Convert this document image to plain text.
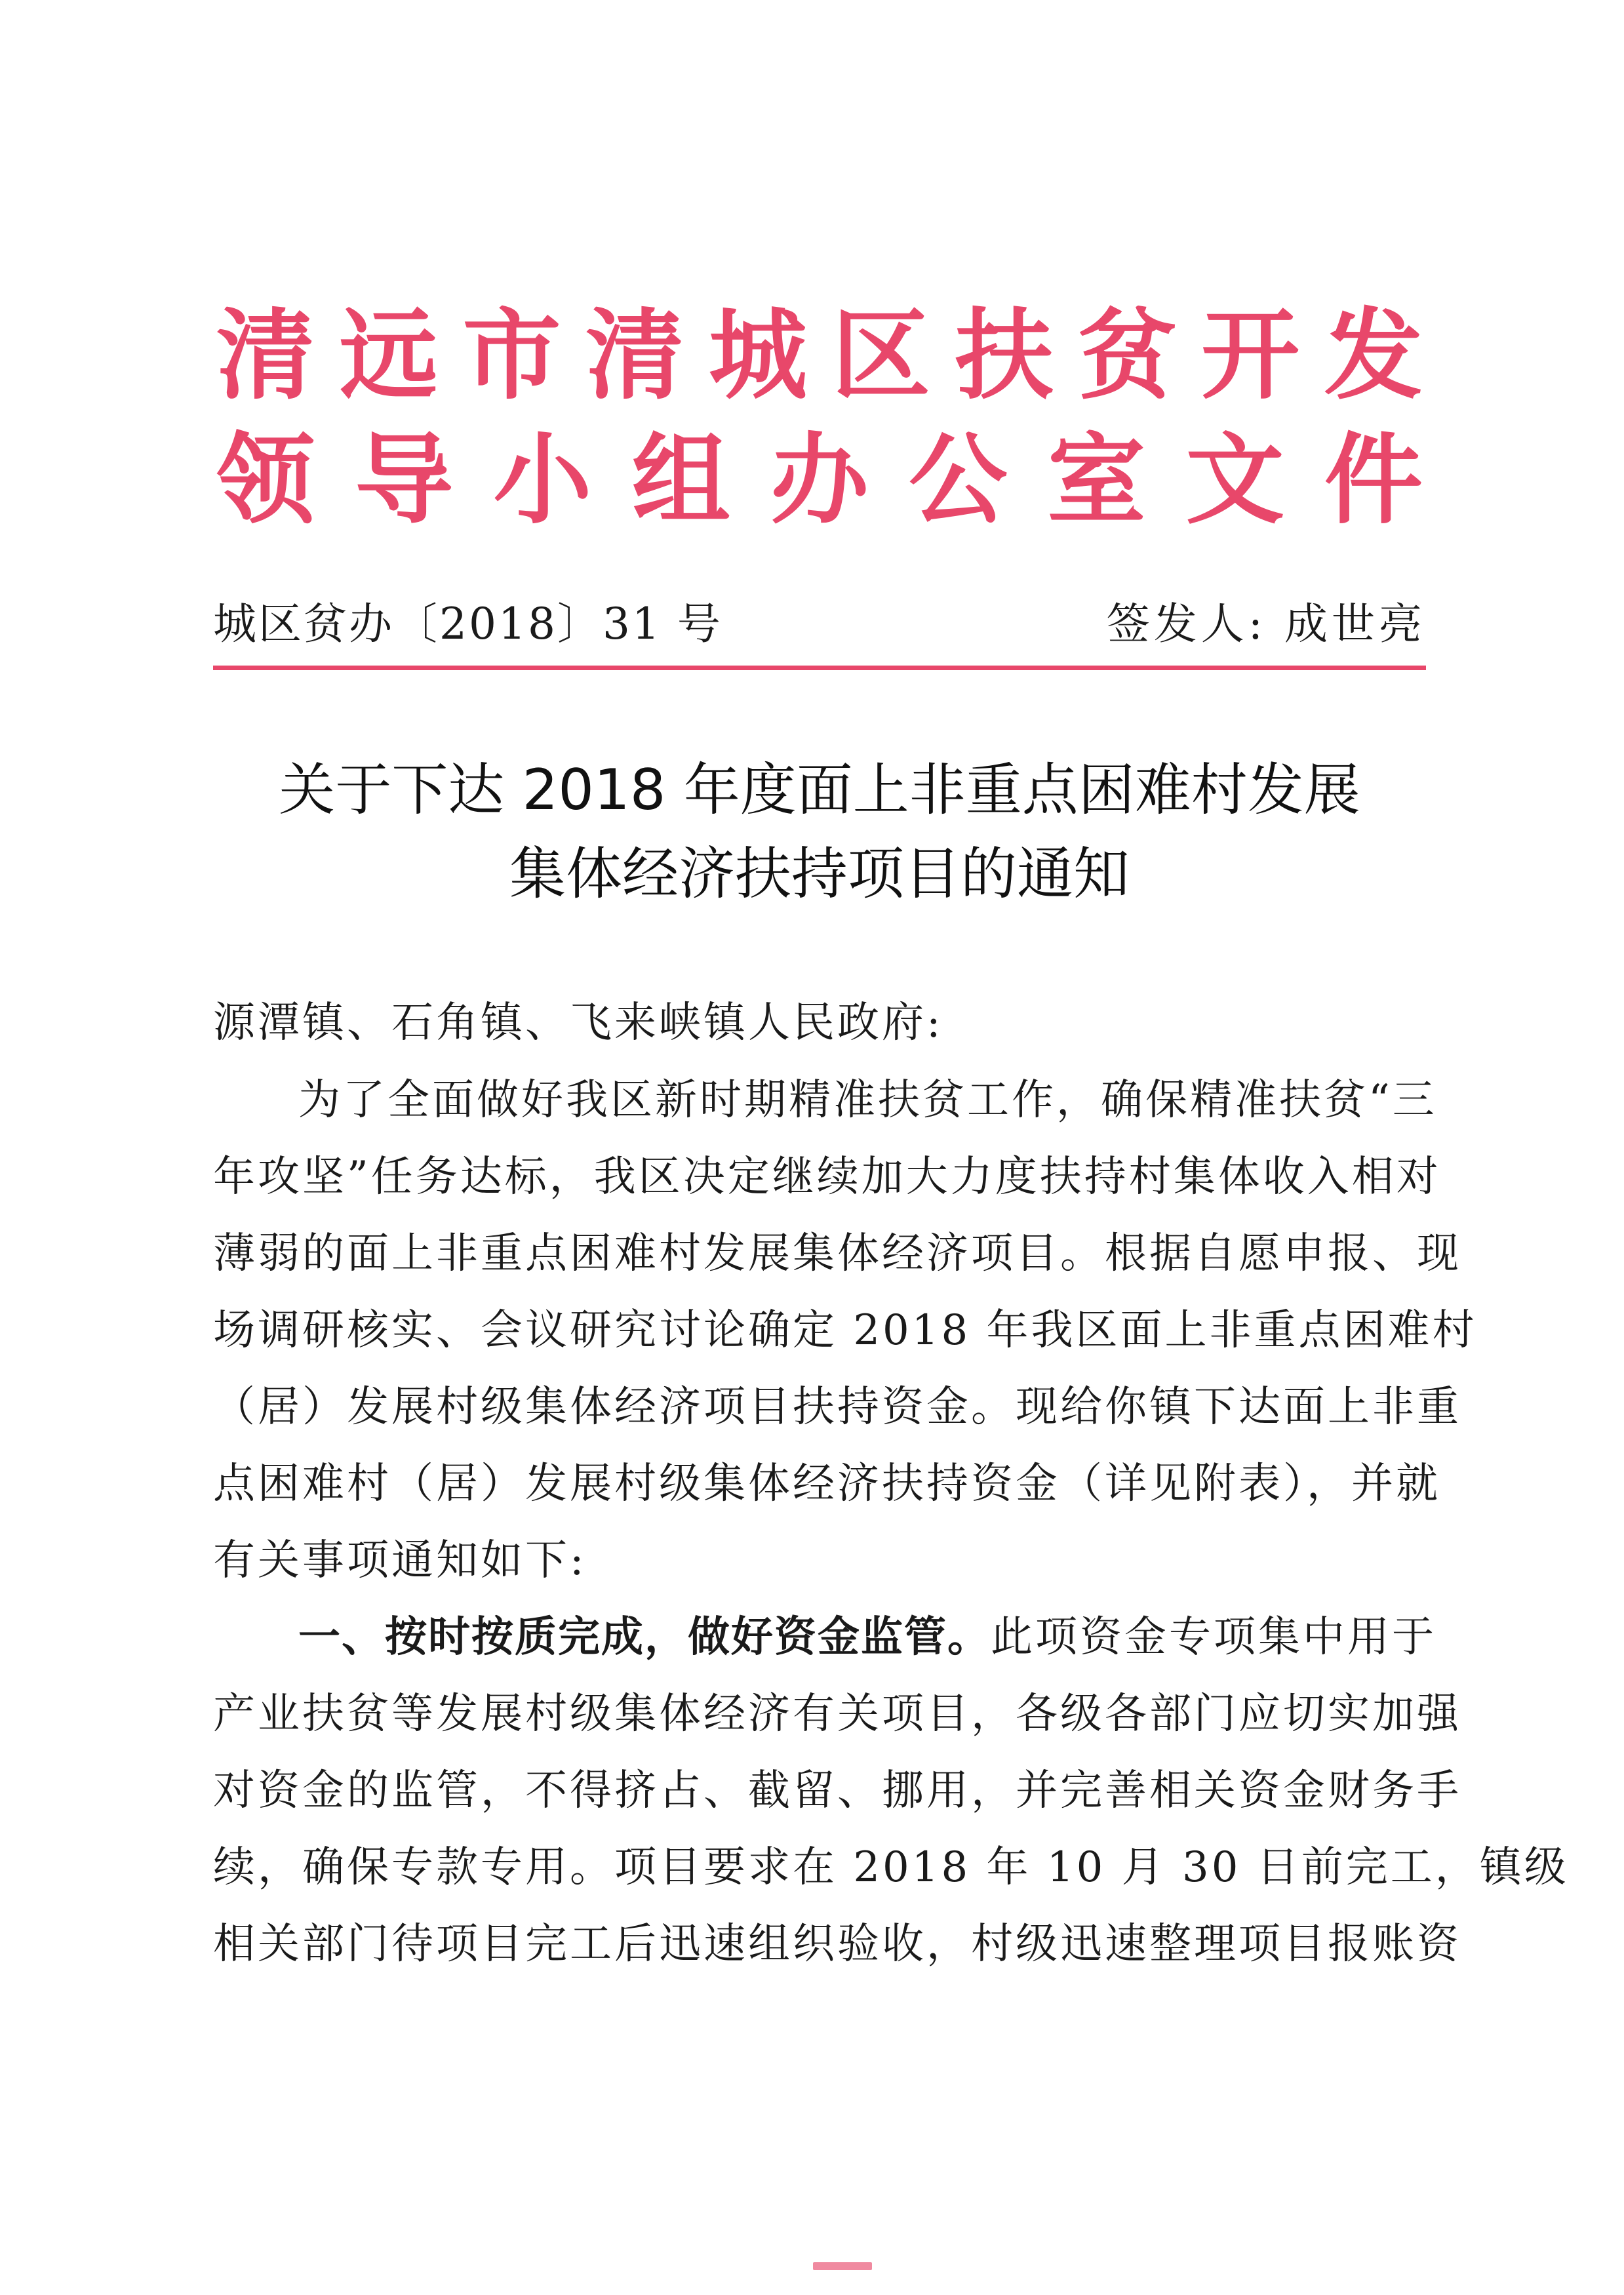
清 远 市 清 城 区 扶 贫 开 发
领 导 小 组 办 公 室 文 件
城区贫办〔2018〕31 号	签发人: 成世亮
关于下达 2018 年度面上非重点困难村发展
集体经济扶持项目的通知
源潭镇、石角镇、飞来峡镇人民政府:
为了全面做好我区新时期精准扶贫工作，确保精准扶贫“三
年攻坚”任务达标，我区决定继续加大力度扶持村集体收入相对
薄弱的面上非重点困难村发展集体经济项目。根据自愿申报、现
场调研核实、会议研究讨论确定 2018 年我区面上非重点困难村
（居）发展村级集体经济项目扶持资金。现给你镇下达面上非重
点困难村（居）发展村级集体经济扶持资金（详见附表），并就
有关事项通知如下:
一、按时按质完成，做好资金监管。此项资金专项集中用于
产业扶贫等发展村级集体经济有关项目，各级各部门应切实加强
对资金的监管，不得挤占、截留、挪用，并完善相关资金财务手
续，确保专款专用。项目要求在 2018 年 10 月 30 日前完工，镇级
相关部门待项目完工后迅速组织验收，村级迅速整理项目报账资
